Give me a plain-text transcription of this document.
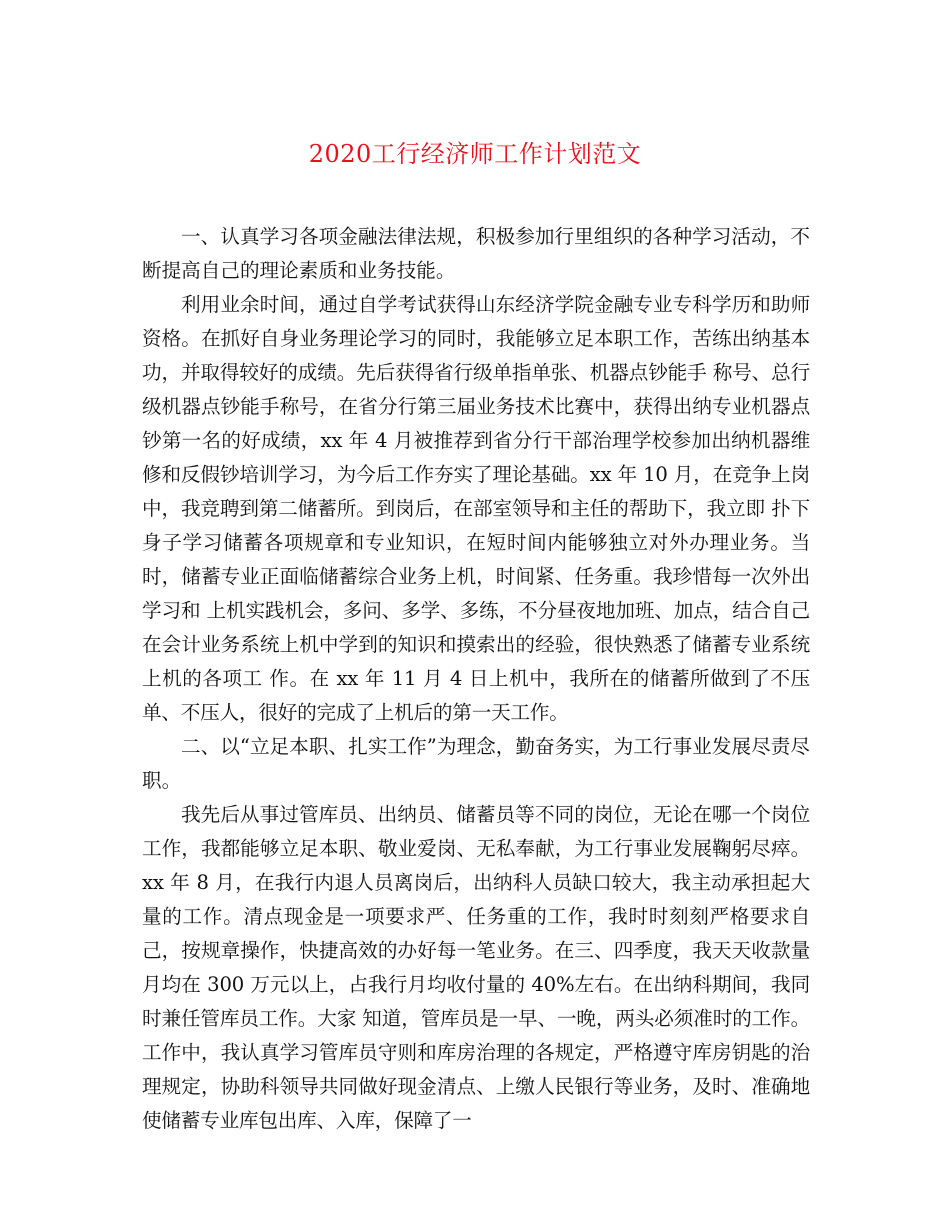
2020工行经济师工作计划范文

一、认真学习各项金融法律法规，积极参加行里组织的各种学习活动，不断提高自己的理论素质和业务技能。

利用业余时间，通过自学考试获得山东经济学院金融专业专科学历和助师资格。在抓好自身业务理论学习的同时，我能够立足本职工作，苦练出纳基本功，并取得较好的成绩。先后获得省行级单指单张、机器点钞能手 称号、总行级机器点钞能手称号，在省分行第三届业务技术比赛中，获得出纳专业机器点钞第一名的好成绩，xx 年 4 月被推荐到省分行干部治理学校参加出纳机器维修和反假钞培训学习，为今后工作夯实了理论基础。xx 年 10 月，在竞争上岗中，我竞聘到第二储蓄所。到岗后，在部室领导和主任的帮助下，我立即 扑下身子学习储蓄各项规章和专业知识，在短时间内能够独立对外办理业务。当时，储蓄专业正面临储蓄综合业务上机，时间紧、任务重。我珍惜每一次外出学习和 上机实践机会，多问、多学、多练，不分昼夜地加班、加点，结合自己在会计业务系统上机中学到的知识和摸索出的经验，很快熟悉了储蓄专业系统上机的各项工 作。在 xx 年 11 月 4 日上机中，我所在的储蓄所做到了不压单、不压人，很好的完成了上机后的第一天工作。

二、以“立足本职、扎实工作”为理念，勤奋务实，为工行事业发展尽责尽职。

我先后从事过管库员、出纳员、储蓄员等不同的岗位，无论在哪一个岗位工作，我都能够立足本职、敬业爱岗、无私奉献，为工行事业发展鞠躬尽瘁。xx 年 8 月，在我行内退人员离岗后，出纳科人员缺口较大，我主动承担起大量的工作。清点现金是一项要求严、任务重的工作，我时时刻刻严格要求自己，按规章操作，快捷高效的办好每一笔业务。在三、四季度，我天天收款量月均在 300 万元以上，占我行月均收付量的 40%左右。在出纳科期间，我同时兼任管库员工作。大家 知道，管库员是一早、一晚，两头必须准时的工作。工作中，我认真学习管库员守则和库房治理的各规定，严格遵守库房钥匙的治理规定，协助科领导共同做好现金清点、上缴人民银行等业务，及时、准确地使储蓄专业库包出库、入库，保障了一
